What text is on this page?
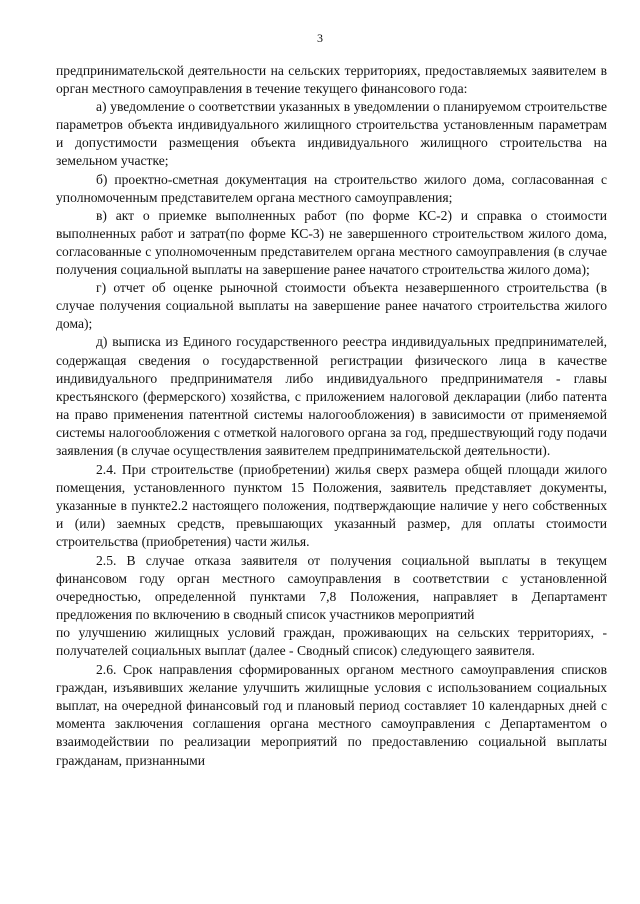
3

предпринимательской деятельности на сельских территориях, предоставляемых заявителем в орган местного самоуправления в течение текущего финансового года:

а) уведомление о соответствии указанных в уведомлении о планируемом строительстве параметров объекта индивидуального жилищного строительства установленным параметрам и допустимости размещения объекта индивидуального жилищного строительства на земельном участке;

б) проектно-сметная документация на строительство жилого дома, согласованная с уполномоченным представителем органа местного самоуправления;

в) акт о приемке выполненных работ (по форме КС-2) и справка о стоимости выполненных работ и затрат(по форме КС-3) не завершенного строительством жилого дома, согласованные с уполномоченным представителем органа местного самоуправления (в случае получения социальной выплаты на завершение ранее начатого строительства жилого дома);

г) отчет об оценке рыночной стоимости объекта незавершенного строительства (в случае получения социальной выплаты на завершение ранее начатого строительства жилого дома);

д) выписка из Единого государственного реестра индивидуальных предпринимателей, содержащая сведения о государственной регистрации физического лица в качестве индивидуального предпринимателя либо индивидуального предпринимателя - главы крестьянского (фермерского) хозяйства, с приложением налоговой декларации (либо патента на право применения патентной системы налогообложения) в зависимости от применяемой системы налогообложения с отметкой налогового органа за год, предшествующий году подачи заявления (в случае осуществления заявителем предпринимательской деятельности).

2.4. При строительстве (приобретении) жилья сверх размера общей площади жилого помещения, установленного пунктом 15 Положения, заявитель представляет документы, указанные в пункте2.2 настоящего положения, подтверждающие наличие у него собственных и (или) заемных средств, превышающих указанный размер, для оплаты стоимости строительства (приобретения) части жилья.

2.5. В случае отказа заявителя от получения социальной выплаты в текущем финансовом году орган местного самоуправления в соответствии с установленной очередностью, определенной пунктами 7,8 Положения, направляет в Департамент предложения по включению в сводный список участников мероприятий

по улучшению жилищных условий граждан, проживающих на сельских территориях, - получателей социальных выплат (далее - Сводный список) следующего заявителя.

2.6. Срок направления сформированных органом местного самоуправления списков граждан, изъявивших желание улучшить жилищные условия с использованием социальных выплат, на очередной финансовый год и плановый период составляет 10 календарных дней с момента заключения соглашения органа местного самоуправления с Департаментом о взаимодействии по реализации мероприятий по предоставлению социальной выплаты гражданам, признанными
